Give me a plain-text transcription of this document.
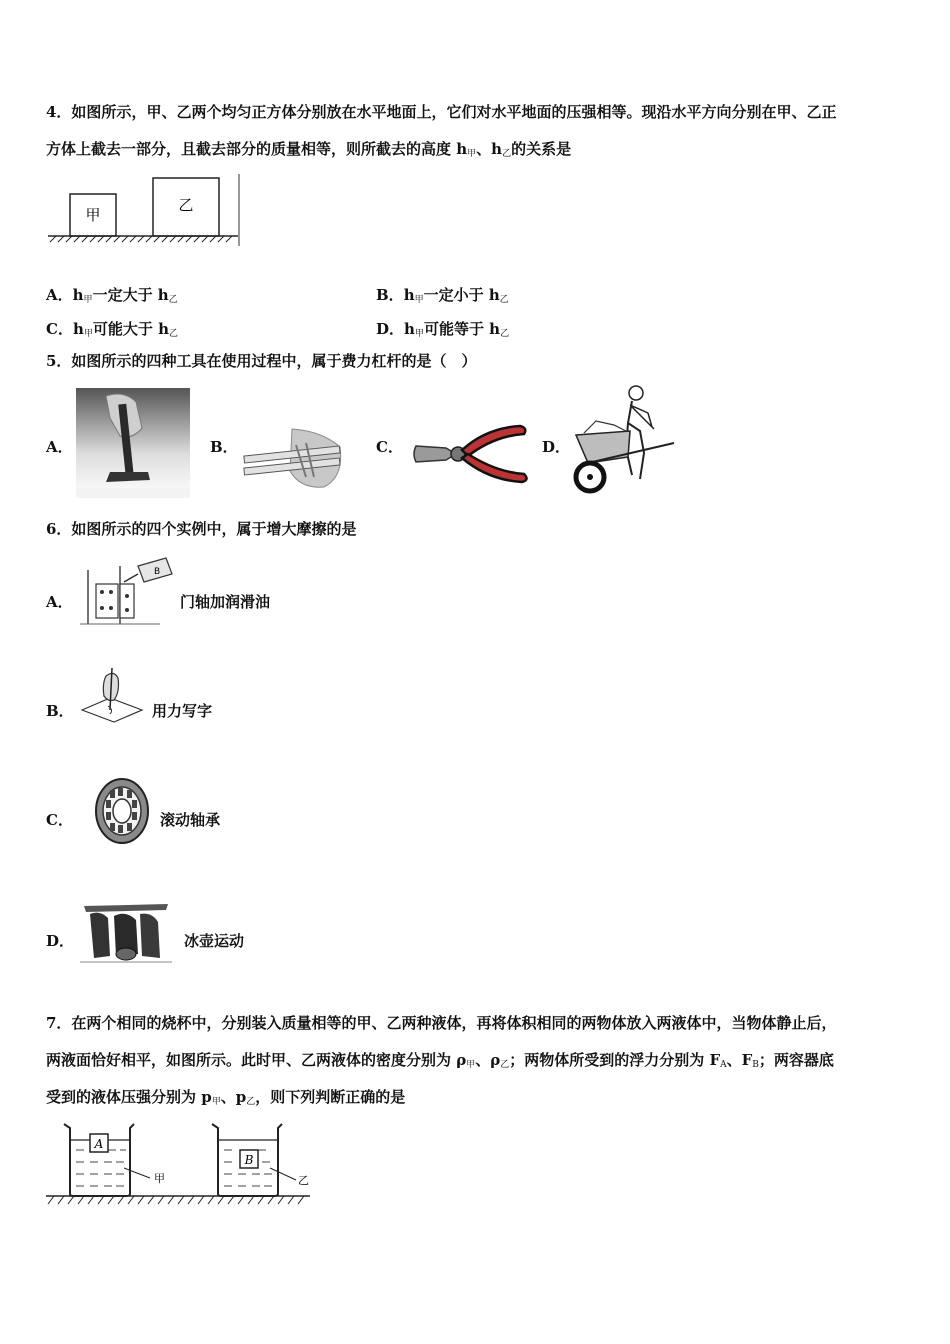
4．如图所示，甲、乙两个均匀正方体分别放在水平地面上，它们对水平地面的压强相等。现沿水平方向分别在甲、乙正
方体上截去一部分，且截去部分的质量相等，则所截去的高度 $h_甲$、$h_乙$的关系是
甲
乙
A．$h_甲$一定大于 $h_乙$	B．$h_甲$一定小于 $h_乙$
C．$h_甲$可能大于 $h_乙$	D．$h_甲$可能等于 $h_乙$
5．如图所示的四种工具在使用过程中，属于费力杠杆的是（　）
A．	B．	C．	D．
6．如图所示的四个实例中，属于增大摩擦的是
A．
B
门轴加润滑油
B．	用力写字
C．	滚动轴承
D．	冰壶运动
7．在两个相同的烧杯中，分别装入质量相等的甲、乙两种液体，再将体积相同的两物体放入两液体中，当物体静止后，
两液面恰好相平，如图所示。此时甲、乙两液体的密度分别为 $\rho_甲$、$\rho_乙$；两物体所受到的浮力分别为 $F_A$、$F_B$；两容器底
受到的液体压强分别为 $p_甲$、$p_乙$，则下列判断正确的是
A
甲
B
乙
